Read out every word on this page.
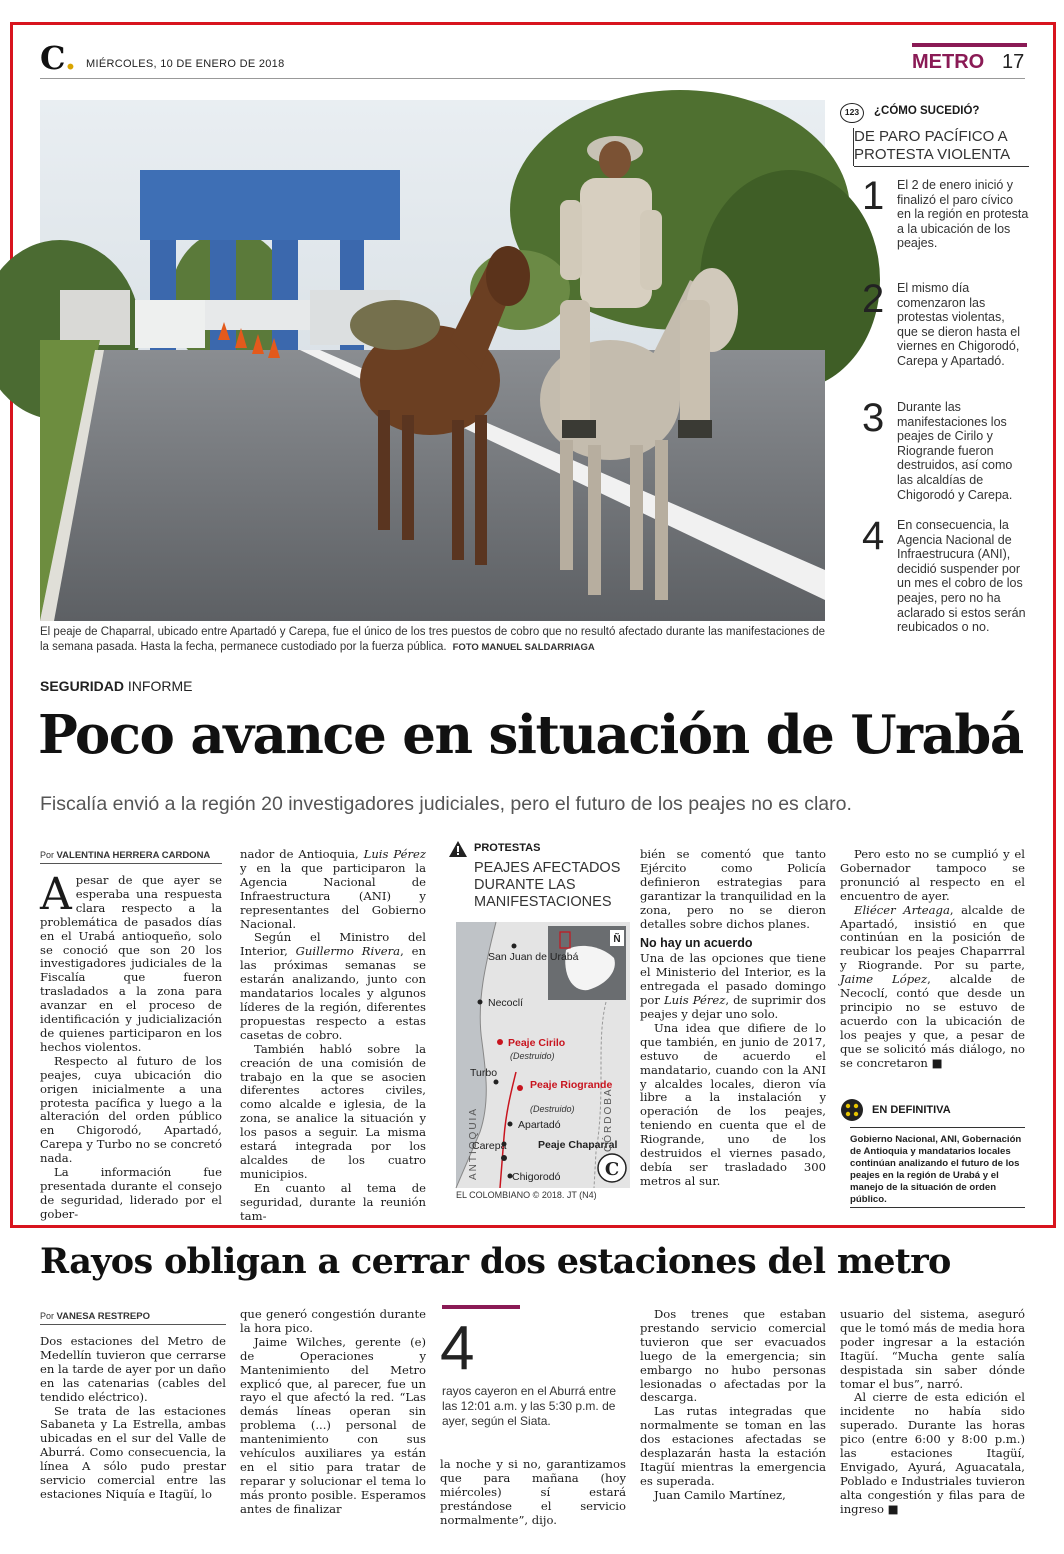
C. MIÉRCOLES, 10 DE ENERO DE 2018	METRO 17
El peaje de Chaparral, ubicado entre Apartadó y Carepa, fue el único de los tres puestos de cobro que no resultó afectado durante las manifestaciones de la semana pasada. Hasta la fecha, permanece custodiado por la fuerza pública. FOTO MANUEL SALDARRIAGA
123	¿CÓMO SUCEDIÓ?
DE PARO PACÍFICO A PROTESTA VIOLENTA
1 El 2 de enero inició y finalizó el paro cívico en la región en protesta a la ubicación de los peajes.
2 El mismo día comenzaron las protestas violentas, que se dieron hasta el viernes en Chigorodó, Carepa y Apartadó.
3 Durante las manifestaciones los peajes de Cirilo y Riogrande fueron destruidos, así como las alcaldías de Chigorodó y Carepa.
4 En consecuencia, la Agencia Nacional de Infraestrucura (ANI), decidió suspender por un mes el cobro de los peajes, pero no ha aclarado si estos serán reubicados o no.
SEGURIDAD INFORME
Poco avance en situación de Urabá
Fiscalía envió a la región 20 investigadores judiciales, pero el futuro de los peajes no es claro.
Por VALENTINA HERRERA CARDONA

Apesar de que ayer se esperaba una respuesta clara respecto a la problemática de pasados días en el Urabá antioqueño, solo se conoció que son 20 los investigadores judiciales de la Fiscalía que fueron trasladados a la zona para avanzar en el proceso de identificación y judicialización de quienes participaron en los hechos violentos.

Respecto al futuro de los peajes, cuya ubicación dio origen inicialmente a una protesta pacífica y luego a la alteración del orden público en Chigorodó, Apartadó, Carepa y Turbo no se concretó nada.

La información fue presentada durante el consejo de seguridad, liderado por el gober-

nador de Antioquia, Luis Pérez y en la que participaron la Agencia Nacional de Infraestructura (ANI) y representantes del Gobierno Nacional.

Según el Ministro del Interior, Guillermo Rivera, en las próximas semanas se estarán analizando, junto con mandatarios locales y algunos líderes de la región, diferentes propuestas respecto a estas casetas de cobro.

También habló sobre la creación de una comisión de trabajo en la que se asocien diferentes actores civiles, como alcalde e iglesia, de la zona, se analice la situación y los pasos a seguir. La misma estará integrada por los alcaldes de los cuatro municipios.

En cuanto al tema de seguridad, durante la reunión tam-

PROTESTAS
PEAJES AFECTADOS DURANTE LAS MANIFESTACIONES
Ñ
San Juan de Urabá
Necoclí
Peaje Cirilo
(Destruido)
Turbo
Peaje Riogrande
(Destruido)
Apartadó
Carepa	Peaje Chaparral
Chigorodó
ANTIOQUIA	CÓRDOBA
C
EL COLOMBIANO © 2018. JT (N4)

bién se comentó que tanto Ejército como Policía definieron estrategias para garantizar la tranquilidad en la zona, pero no se dieron detalles sobre dichos planes.

No hay un acuerdo

Una de las opciones que tiene el Ministerio del Interior, es la entregada el pasado domingo por Luis Pérez, de suprimir dos peajes y dejar uno solo.

Una idea que difiere de lo que también, en junio de 2017, estuvo de acuerdo el mandatario, cuando con la ANI y alcaldes locales, dieron vía libre a la instalación y operación de los peajes, teniendo en cuenta que el de Riogrande, uno de los destruidos el viernes pasado, debía ser trasladado 300 metros al sur.

Pero esto no se cumplió y el Gobernador tampoco se pronunció al respecto en el encuentro de ayer.

Eliécer Arteaga, alcalde de Apartadó, insistió en que continúan en la posición de reubicar los peajes Chaparrral y Riogrande. Por su parte, Jaime López, alcalde de Necoclí, contó que desde un principio no se estuvo de acuerdo con la ubicación de los peajes y que, a pesar de que se solicitó más diálogo, no se concretaron ■

EN DEFINITIVA
Gobierno Nacional, ANI, Gobernación de Antioquia y mandatarios locales continúan analizando el futuro de los peajes en la región de Urabá y el manejo de la situación de orden público.
Rayos obligan a cerrar dos estaciones del metro
Por VANESA RESTREPO

Dos estaciones del Metro de Medellín tuvieron que cerrarse en la tarde de ayer por un daño en las catenarias (cables del tendido eléctrico).

Se trata de las estaciones Sabaneta y La Estrella, ambas ubicadas en el sur del Valle de Aburrá. Como consecuencia, la línea A sólo pudo prestar servicio comercial entre las estaciones Niquía e Itagüí, lo

que generó congestión durante la hora pico.

Jaime Wilches, gerente (e) de Operaciones y Mantenimiento del Metro explicó que, al parecer, fue un rayo el que afectó la red. “Las demás líneas operan sin problema (...) personal de mantenimiento con sus vehículos auxiliares ya están en el sitio para tratar de reparar y solucionar el tema lo más pronto posible. Esperamos antes de finalizar

4
rayos cayeron en el Aburrá entre las 12:01 a.m. y las 5:30 p.m. de ayer, según el Siata.

la noche y si no, garantizamos que para mañana (hoy miércoles) sí estará prestándose el servicio normalmente”, dijo.

Dos trenes que estaban prestando servicio comercial tuvieron que ser evacuados luego de la emergencia; sin embargo no hubo personas lesionadas o afectadas por la descarga.

Las rutas integradas que normalmente se toman en las dos estaciones afectadas se desplazarán hasta la estación Itagüí mientras la emergencia es superada.

Juan Camilo Martínez,

usuario del sistema, aseguró que le tomó más de media hora poder ingresar a la estación Itagüí. “Mucha gente salía despistada sin saber dónde tomar el bus”, narró.

Al cierre de esta edición el incidente no había sido superado. Durante las horas pico (entre 6:00 y 8:00 p.m.) las estaciones Itagüí, Envigado, Ayurá, Aguacatala, Poblado e Industriales tuvieron alta congestión y filas para de ingreso ■
